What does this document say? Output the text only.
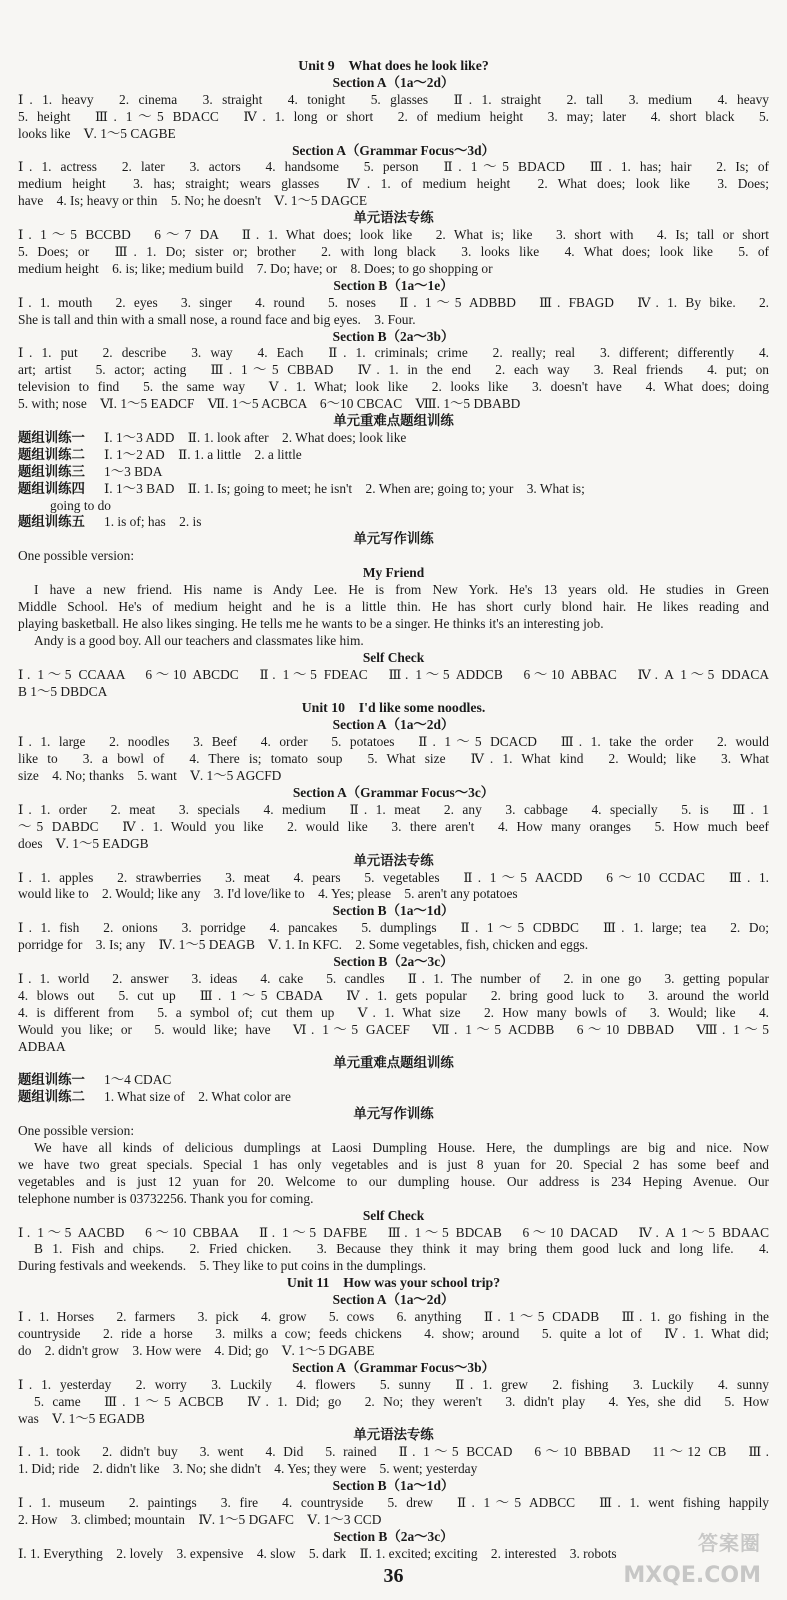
Unit 9　What does he look like?
Section A（1a～2d）
Ⅰ. 1. heavy　2. cinema　3. straight　4. tonight　5. glasses　Ⅱ. 1. straight　2. tall　3. medium　4. heavy
5. height　Ⅲ. 1～5 BDACC　Ⅳ. 1. long or short　2. of medium height　3. may; later　4. short black　5.
looks like　Ⅴ. 1～5 CAGBE
Section A（Grammar Focus～3d）
Ⅰ. 1. actress　2. later　3. actors　4. handsome　5. person　Ⅱ. 1～5 BDACD　Ⅲ. 1. has; hair　2. Is; of
medium height　3. has; straight; wears glasses　Ⅳ. 1. of medium height　2. What does; look like　3. Does;
have　4. Is; heavy or thin　5. No; he doesn't　Ⅴ. 1～5 DAGCE
单元语法专练
Ⅰ. 1～5 BCCBD　6～7 DA　Ⅱ. 1. What does; look like　2. What is; like　3. short with　4. Is; tall or short
5. Does; or　Ⅲ. 1. Do; sister or; brother　2. with long black　3. looks like　4. What does; look like　5. of
medium height　6. is; like; medium build　7. Do; have; or　8. Does; to go shopping or
Section B（1a～1e）
Ⅰ. 1. mouth　2. eyes　3. singer　4. round　5. noses　Ⅱ. 1～5 ADBBD　Ⅲ. FBAGD　Ⅳ. 1. By bike.　2.
She is tall and thin with a small nose, a round face and big eyes.　3. Four.
Section B（2a～3b）
Ⅰ. 1. put　2. describe　3. way　4. Each　Ⅱ. 1. criminals; crime　2. really; real　3. different; differently　4.
art; artist　5. actor; acting　Ⅲ. 1～5 CBBAD　Ⅳ. 1. in the end　2. each way　3. Real friends　4. put; on
television to find　5. the same way　Ⅴ. 1. What; look like　2. looks like　3. doesn't have　4. What does; doing
5. with; nose　Ⅵ. 1～5 EADCF　Ⅶ. 1～5 ACBCA　6～10 CBCAC　Ⅷ. 1～5 DBABD
单元重难点题组训练
题组训练一 Ⅰ. 1～3 ADD　Ⅱ. 1. look after　2. What does; look like
题组训练二 Ⅰ. 1～2 AD　Ⅱ. 1. a little　2. a little
题组训练三 1～3 BDA
题组训练四 Ⅰ. 1～3 BAD　Ⅱ. 1. Is; going to meet; he isn't　2. When are; going to; your　3. What is;
going to do
题组训练五 1. is of; has　2. is
单元写作训练
One possible version:
My Friend
I have a new friend. His name is Andy Lee. He is from New York. He's 13 years old. He studies in Green
Middle School. He's of medium height and he is a little thin. He has short curly blond hair. He likes reading and
playing basketball. He also likes singing. He tells me he wants to be a singer. He thinks it's an interesting job.
Andy is a good boy. All our teachers and classmates like him.
Self Check
Ⅰ. 1～5 CCAAA　6～10 ABCDC　Ⅱ. 1～5 FDEAC　Ⅲ. 1～5 ADDCB　6～10 ABBAC　Ⅳ. A 1～5 DDACA
B 1～5 DBDCA
Unit 10　I'd like some noodles.
Section A（1a～2d）
Ⅰ. 1. large　2. noodles　3. Beef　4. order　5. potatoes　Ⅱ. 1～5 DCACD　Ⅲ. 1. take the order　2. would
like to　3. a bowl of　4. There is; tomato soup　5. What size　Ⅳ. 1. What kind　2. Would; like　3. What
size　4. No; thanks　5. want　Ⅴ. 1～5 AGCFD
Section A（Grammar Focus～3c）
Ⅰ. 1. order　2. meat　3. specials　4. medium　Ⅱ. 1. meat　2. any　3. cabbage　4. specially　5. is　Ⅲ. 1
～5 DABDC　Ⅳ. 1. Would you like　2. would like　3. there aren't　4. How many oranges　5. How much beef
does　Ⅴ. 1～5 EADGB
单元语法专练
Ⅰ. 1. apples　2. strawberries　3. meat　4. pears　5. vegetables　Ⅱ. 1～5 AACDD　6～10 CCDAC　Ⅲ. 1.
would like to　2. Would; like any　3. I'd love/like to　4. Yes; please　5. aren't any potatoes
Section B（1a～1d）
Ⅰ. 1. fish　2. onions　3. porridge　4. pancakes　5. dumplings　Ⅱ. 1～5 CDBDC　Ⅲ. 1. large; tea　2. Do;
porridge for　3. Is; any　Ⅳ. 1～5 DEAGB　Ⅴ. 1. In KFC.　2. Some vegetables, fish, chicken and eggs.
Section B（2a～3c）
Ⅰ. 1. world　2. answer　3. ideas　4. cake　5. candles　Ⅱ. 1. The number of　2. in one go　3. getting popular
4. blows out　5. cut up　Ⅲ. 1～5 CBADA　Ⅳ. 1. gets popular　2. bring good luck to　3. around the world
4. is different from　5. a symbol of; cut them up　Ⅴ. 1. What size　2. How many bowls of　3. Would; like　4.
Would you like; or　5. would like; have　Ⅵ. 1～5 GACEF　Ⅶ. 1～5 ACDBB　6～10 DBBAD　Ⅷ. 1～5
ADBAA
单元重难点题组训练
题组训练一 1～4 CDAC
题组训练二 1. What size of　2. What color are
单元写作训练
One possible version:
We have all kinds of delicious dumplings at Laosi Dumpling House. Here, the dumplings are big and nice. Now
we have two great specials. Special 1 has only vegetables and is just 8 yuan for 20. Special 2 has some beef and
vegetables and is just 12 yuan for 20. Welcome to our dumpling house. Our address is 234 Heping Avenue. Our
telephone number is 03732256. Thank you for coming.
Self Check
Ⅰ. 1～5 AACBD　6～10 CBBAA　Ⅱ. 1～5 DAFBE　Ⅲ. 1～5 BDCAB　6～10 DACAD　Ⅳ. A 1～5 BDAAC
B 1. Fish and chips.　2. Fried chicken.　3. Because they think it may bring them good luck and long life.　4.
During festivals and weekends.　5. They like to put coins in the dumplings.
Unit 11　How was your school trip?
Section A（1a～2d）
Ⅰ. 1. Horses　2. farmers　3. pick　4. grow　5. cows　6. anything　Ⅱ. 1～5 CDADB　Ⅲ. 1. go fishing in the
countryside　2. ride a horse　3. milks a cow; feeds chickens　4. show; around　5. quite a lot of　Ⅳ. 1. What did;
do　2. didn't grow　3. How were　4. Did; go　Ⅴ. 1～5 DGABE
Section A（Grammar Focus～3b）
Ⅰ. 1. yesterday　2. worry　3. Luckily　4. flowers　5. sunny　Ⅱ. 1. grew　2. fishing　3. Luckily　4. sunny
5. came　Ⅲ. 1～5 ACBCB　Ⅳ. 1. Did; go　2. No; they weren't　3. didn't play　4. Yes, she did　5. How
was　Ⅴ. 1～5 EGADB
单元语法专练
Ⅰ. 1. took　2. didn't buy　3. went　4. Did　5. rained　Ⅱ. 1～5 BCCAD　6～10 BBBAD　11～12 CB　Ⅲ.
1. Did; ride　2. didn't like　3. No; she didn't　4. Yes; they were　5. went; yesterday
Section B（1a～1d）
Ⅰ. 1. museum　2. paintings　3. fire　4. countryside　5. drew　Ⅱ. 1～5 ADBCC　Ⅲ. 1. went fishing happily
2. How　3. climbed; mountain　Ⅳ. 1～5 DGAFC　Ⅴ. 1～3 CCD
Section B（2a～3c）
Ⅰ. 1. Everything　2. lovely　3. expensive　4. slow　5. dark　Ⅱ. 1. excited; exciting　2. interested　3. robots
36
答案圈
MXQE.COM
